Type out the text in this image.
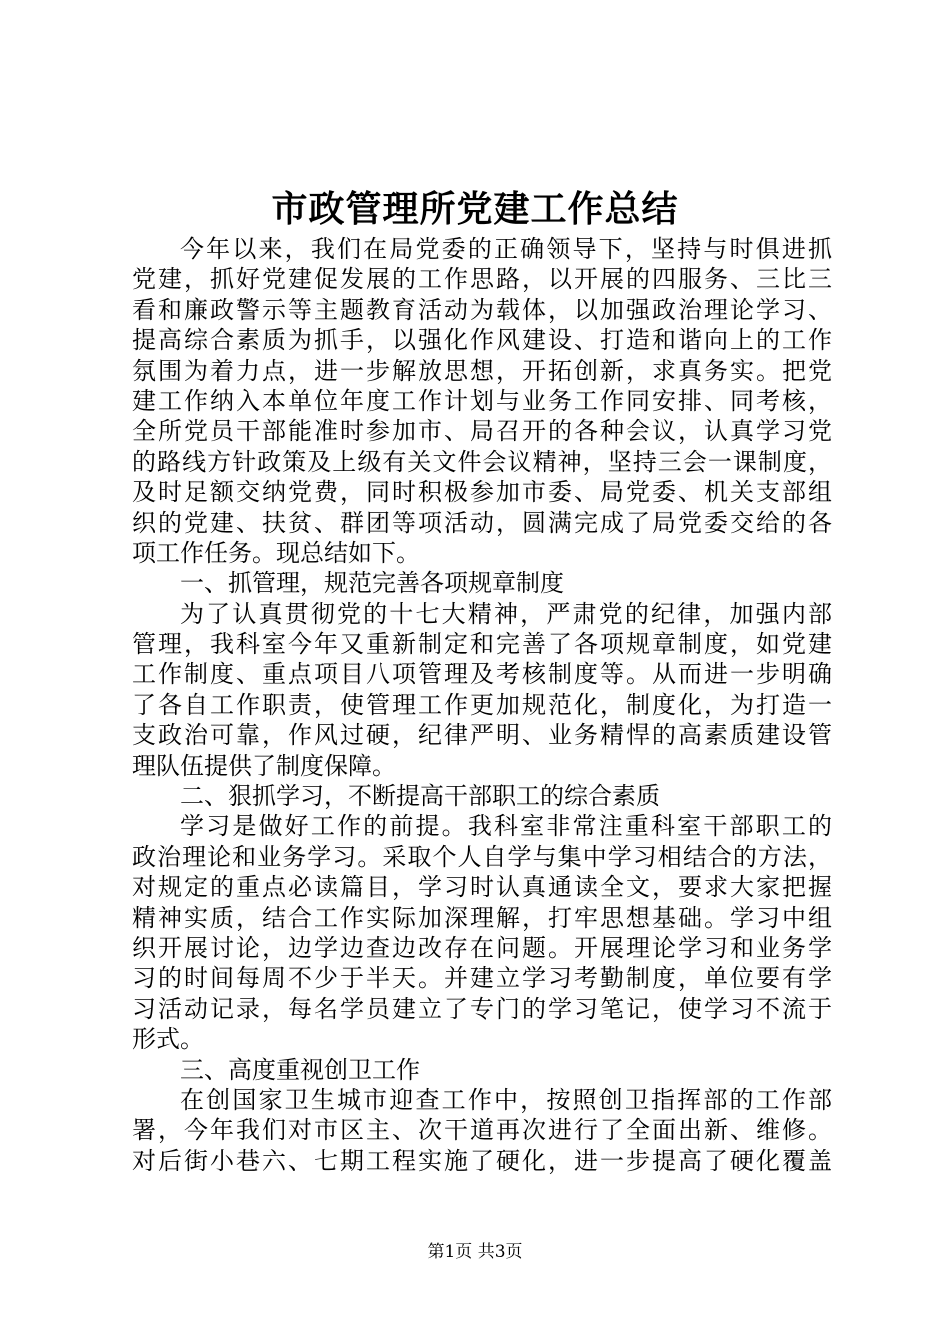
市政管理所党建工作总结
今年以来，我们在局党委的正确领导下，坚持与时俱进抓
党建，抓好党建促发展的工作思路，以开展的四服务、三比三
看和廉政警示等主题教育活动为载体，以加强政治理论学习、
提高综合素质为抓手，以强化作风建设、打造和谐向上的工作
氛围为着力点，进一步解放思想，开拓创新，求真务实。把党
建工作纳入本单位年度工作计划与业务工作同安排、同考核，
全所党员干部能准时参加市、局召开的各种会议，认真学习党
的路线方针政策及上级有关文件会议精神，坚持三会一课制度，
及时足额交纳党费，同时积极参加市委、局党委、机关支部组
织的党建、扶贫、群团等项活动，圆满完成了局党委交给的各
项工作任务。现总结如下。
一、抓管理，规范完善各项规章制度
为了认真贯彻党的十七大精神，严肃党的纪律，加强内部
管理，我科室今年又重新制定和完善了各项规章制度，如党建
工作制度、重点项目八项管理及考核制度等。从而进一步明确
了各自工作职责，使管理工作更加规范化，制度化，为打造一
支政治可靠，作风过硬，纪律严明、业务精悍的高素质建设管
理队伍提供了制度保障。
二、狠抓学习，不断提高干部职工的综合素质
学习是做好工作的前提。我科室非常注重科室干部职工的
政治理论和业务学习。采取个人自学与集中学习相结合的方法，
对规定的重点必读篇目，学习时认真通读全文，要求大家把握
精神实质，结合工作实际加深理解，打牢思想基础。学习中组
织开展讨论，边学边查边改存在问题。开展理论学习和业务学
习的时间每周不少于半天。并建立学习考勤制度，单位要有学
习活动记录，每名学员建立了专门的学习笔记，使学习不流于
形式。
三、高度重视创卫工作
在创国家卫生城市迎查工作中，按照创卫指挥部的工作部
署，今年我们对市区主、次干道再次进行了全面出新、维修。
对后街小巷六、七期工程实施了硬化，进一步提高了硬化覆盖
第1页 共3页
